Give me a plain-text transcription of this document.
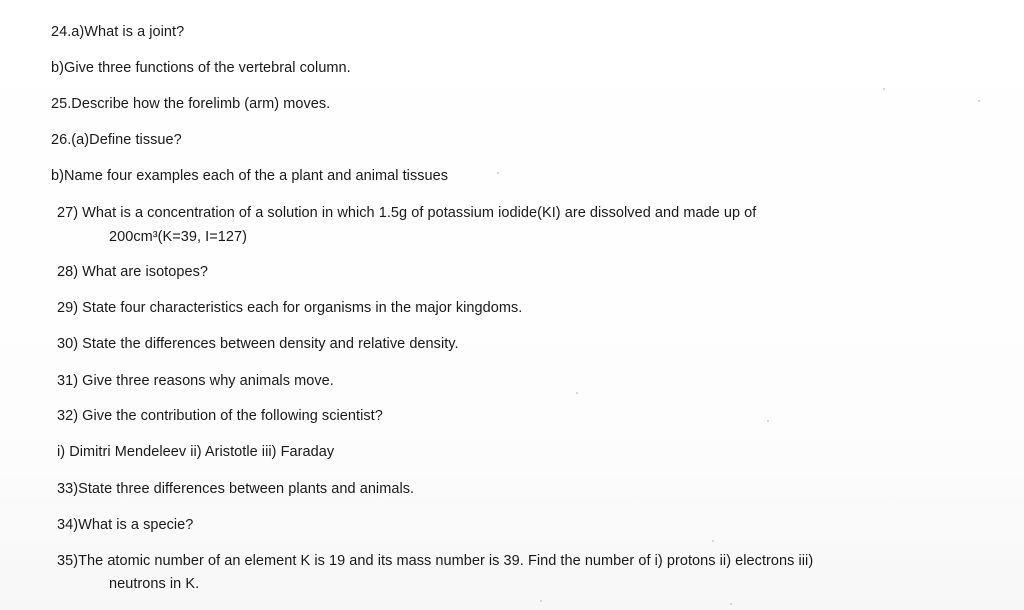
24.a)What is a joint?
b)Give three functions of the vertebral column.
25.Describe how the forelimb (arm) moves.
26.(a)Define tissue?
b)Name four examples each of the a plant and animal tissues
27) What is a concentration of a solution in which 1.5g of potassium iodide(KI) are dissolved and made up of
200cm³(K=39, I=127)
28) What are isotopes?
29) State four characteristics each for organisms in the major kingdoms.
30) State the differences between density and relative density.
31) Give three reasons why animals move.
32) Give the contribution of the following scientist?
i) Dimitri Mendeleev ii) Aristotle iii) Faraday
33)State three differences between plants and animals.
34)What is a specie?
35)The atomic number of an element K is 19 and its mass number is 39. Find the number of i) protons ii) electrons iii)
neutrons in K.
